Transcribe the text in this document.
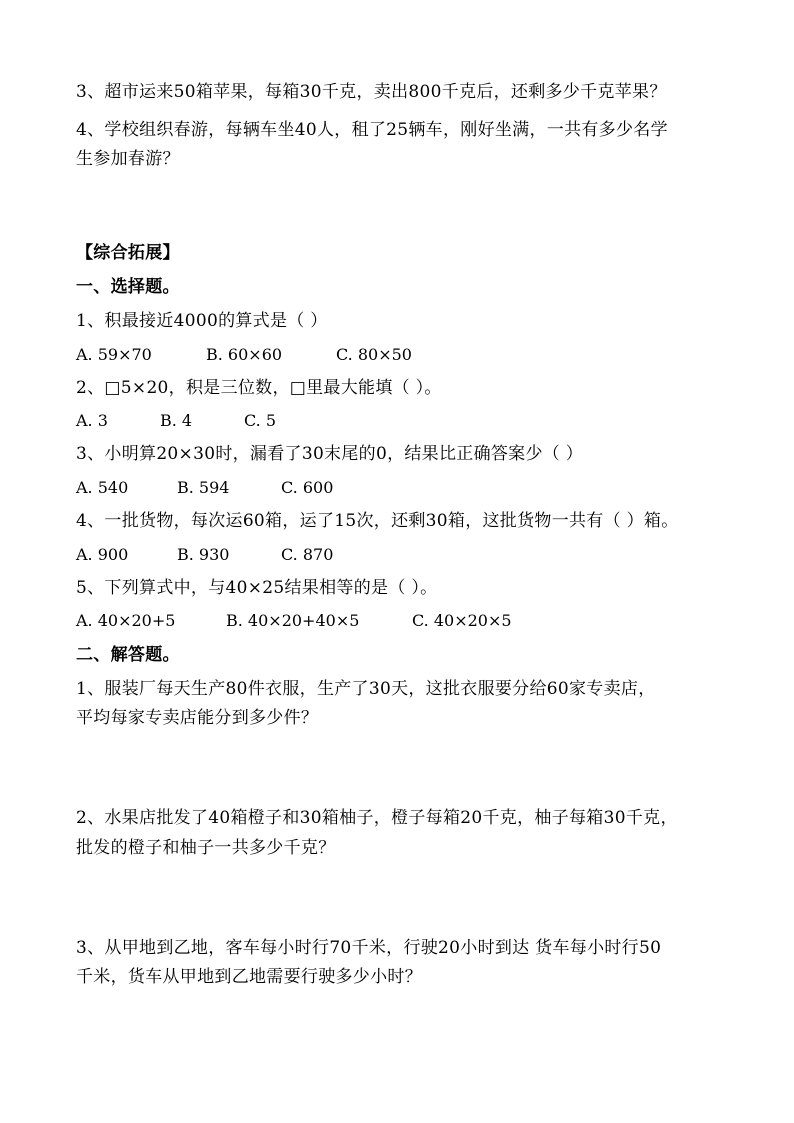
3、超市运来50箱苹果，每箱30千克，卖出800千克后，还剩多少千克苹果？
4、学校组织春游，每辆车坐40人，租了25辆车，刚好坐满，一共有多少名学
生参加春游？
【综合拓展】
一、选择题。
1、积最接近4000的算式是（ ）
A. 59×70	B. 60×60	C. 80×50
2、□5×20，积是三位数，□里最大能填（ ）。
A. 3	B. 4	C. 5
3、小明算20×30时，漏看了30末尾的0，结果比正确答案少（ ）
A. 540	B. 594	C. 600
4、一批货物，每次运60箱，运了15次，还剩30箱，这批货物一共有（ ）箱。
A. 900	B. 930	C. 870
5、下列算式中，与40×25结果相等的是（ ）。
A. 40×20+5	B. 40×20+40×5	C. 40×20×5
二、解答题。
1、服装厂每天生产80件衣服，生产了30天，这批衣服要分给60家专卖店，
平均每家专卖店能分到多少件？
2、水果店批发了40箱橙子和30箱柚子，橙子每箱20千克，柚子每箱30千克，
批发的橙子和柚子一共多少千克？
3、从甲地到乙地，客车每小时行70千米，行驶20小时到达 货车每小时行50
千米，货车从甲地到乙地需要行驶多少小时？
